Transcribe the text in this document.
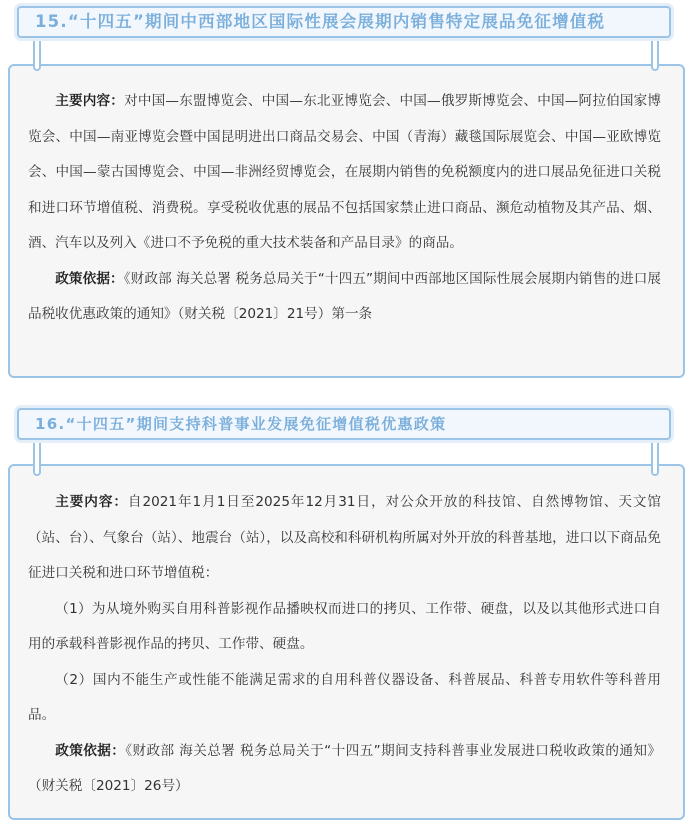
15.“十四五”期间中西部地区国际性展会展期内销售特定展品免征增值税

主要内容：对中国—东盟博览会、中国—东北亚博览会、中国—俄罗斯博览会、中国—阿拉伯国家博览会、中国—南亚博览会暨中国昆明进出口商品交易会、中国（青海）藏毯国际展览会、中国—亚欧博览会、中国—蒙古国博览会、中国—非洲经贸博览会，在展期内销售的免税额度内的进口展品免征进口关税和进口环节增值税、消费税。享受税收优惠的展品不包括国家禁止进口商品、濒危动植物及其产品、烟、酒、汽车以及列入《进口不予免税的重大技术装备和产品目录》的商品。

政策依据：《财政部 海关总署 税务总局关于“十四五”期间中西部地区国际性展会展期内销售的进口展品税收优惠政策的通知》（财关税〔2021〕21号）第一条

16.“十四五”期间支持科普事业发展免征增值税优惠政策

主要内容：自2021年1月1日至2025年12月31日，对公众开放的科技馆、自然博物馆、天文馆（站、台）、气象台（站）、地震台（站），以及高校和科研机构所属对外开放的科普基地，进口以下商品免征进口关税和进口环节增值税：

（1）为从境外购买自用科普影视作品播映权而进口的拷贝、工作带、硬盘，以及以其他形式进口自用的承载科普影视作品的拷贝、工作带、硬盘。

（2）国内不能生产或性能不能满足需求的自用科普仪器设备、科普展品、科普专用软件等科普用品。

政策依据：《财政部 海关总署 税务总局关于“十四五”期间支持科普事业发展进口税收政策的通知》（财关税〔2021〕26号）
